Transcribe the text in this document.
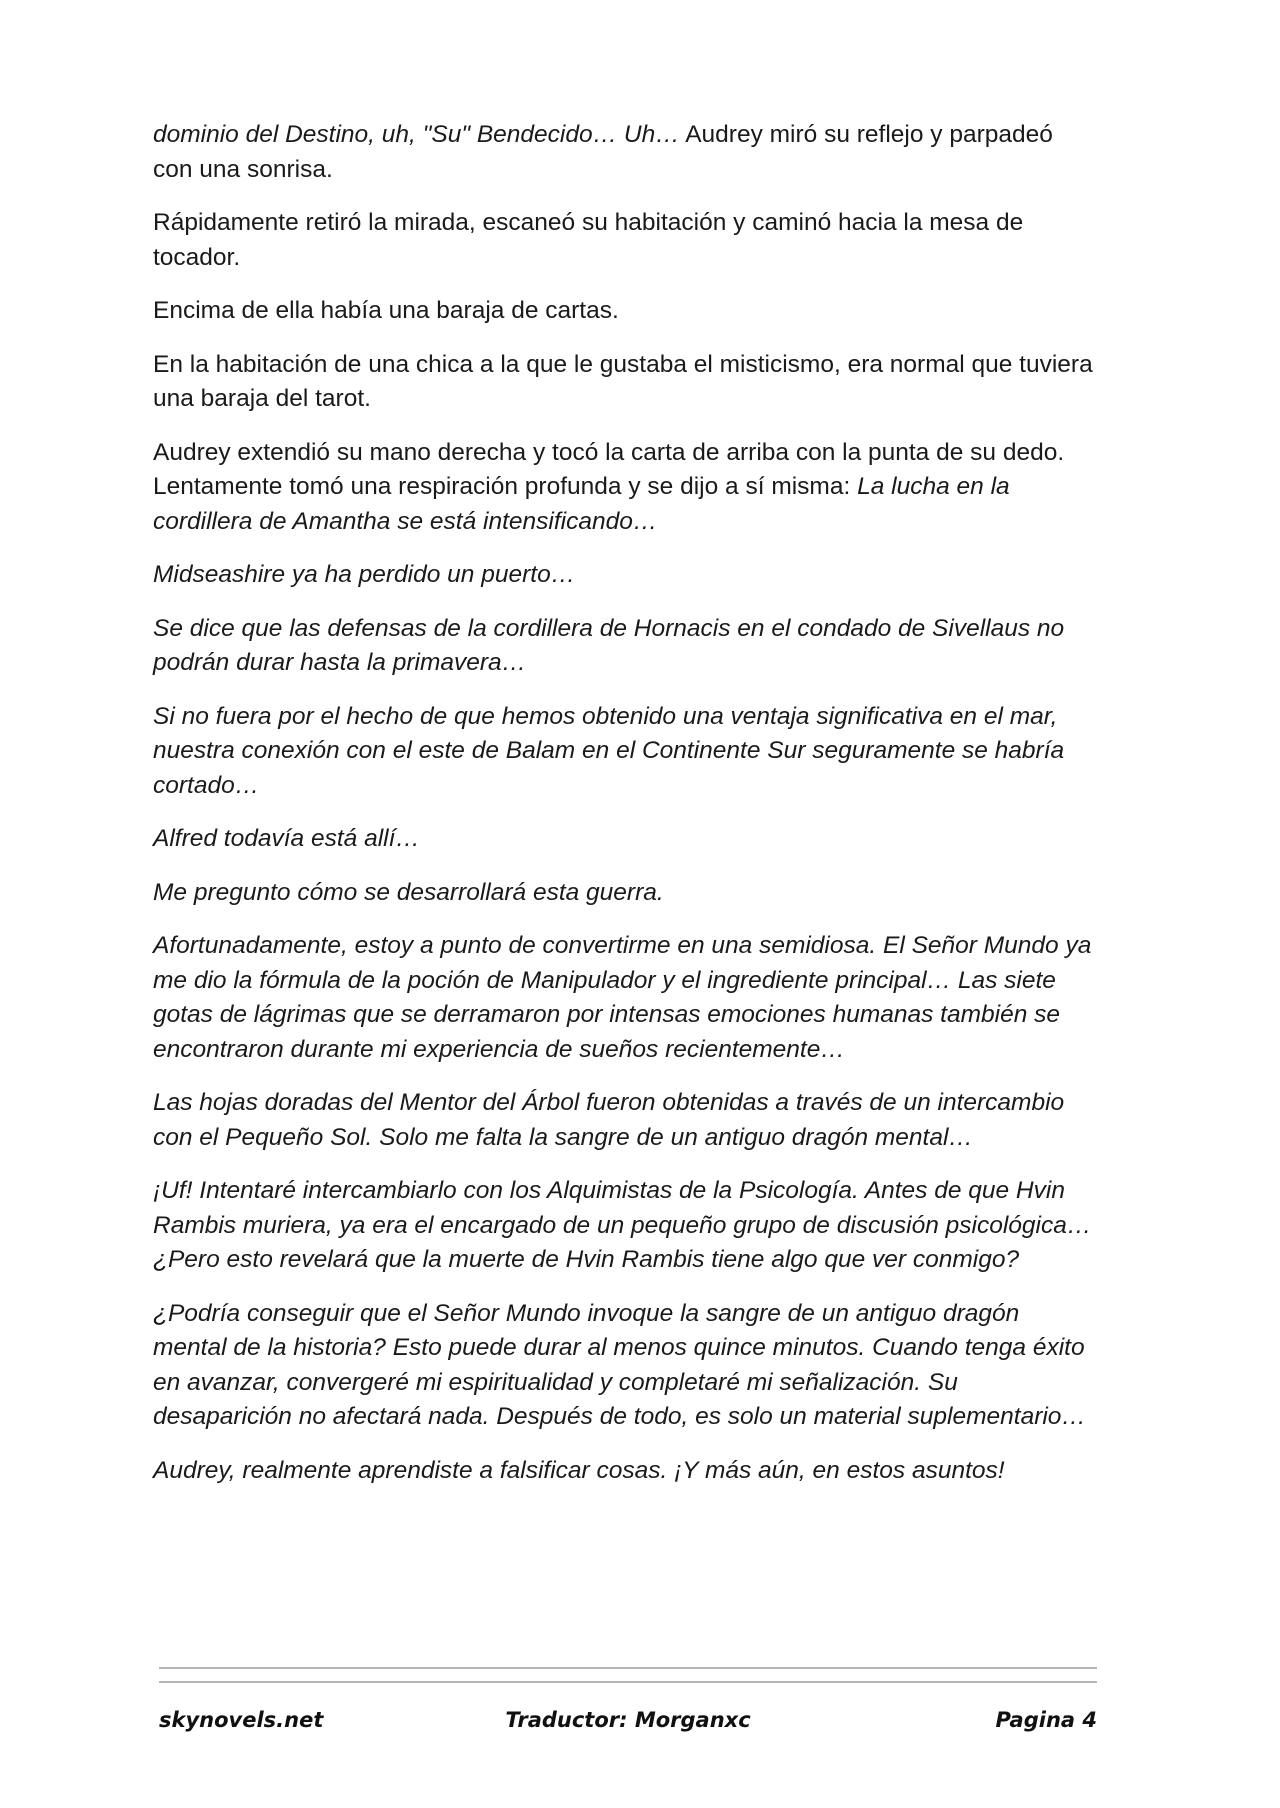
dominio del Destino, uh, "Su" Bendecido… Uh… Audrey miró su reflejo y parpadeó con una sonrisa.

Rápidamente retiró la mirada, escaneó su habitación y caminó hacia la mesa de tocador.

Encima de ella había una baraja de cartas.

En la habitación de una chica a la que le gustaba el misticismo, era normal que tuviera una baraja del tarot.

Audrey extendió su mano derecha y tocó la carta de arriba con la punta de su dedo. Lentamente tomó una respiración profunda y se dijo a sí misma: La lucha en la cordillera de Amantha se está intensificando…

Midseashire ya ha perdido un puerto…

Se dice que las defensas de la cordillera de Hornacis en el condado de Sivellaus no podrán durar hasta la primavera…

Si no fuera por el hecho de que hemos obtenido una ventaja significativa en el mar, nuestra conexión con el este de Balam en el Continente Sur seguramente se habría cortado…

Alfred todavía está allí…

Me pregunto cómo se desarrollará esta guerra.

Afortunadamente, estoy a punto de convertirme en una semidiosa. El Señor Mundo ya me dio la fórmula de la poción de Manipulador y el ingrediente principal… Las siete gotas de lágrimas que se derramaron por intensas emociones humanas también se encontraron durante mi experiencia de sueños recientemente…

Las hojas doradas del Mentor del Árbol fueron obtenidas a través de un intercambio con el Pequeño Sol. Solo me falta la sangre de un antiguo dragón mental…

¡Uf! Intentaré intercambiarlo con los Alquimistas de la Psicología. Antes de que Hvin Rambis muriera, ya era el encargado de un pequeño grupo de discusión psicológica… ¿Pero esto revelará que la muerte de Hvin Rambis tiene algo que ver conmigo?

¿Podría conseguir que el Señor Mundo invoque la sangre de un antiguo dragón mental de la historia? Esto puede durar al menos quince minutos. Cuando tenga éxito en avanzar, convergeré mi espiritualidad y completaré mi señalización. Su desaparición no afectará nada. Después de todo, es solo un material suplementario…

Audrey, realmente aprendiste a falsificar cosas. ¡Y más aún, en estos asuntos!

skynovels.net	Traductor: Morganxc	Pagina 4
